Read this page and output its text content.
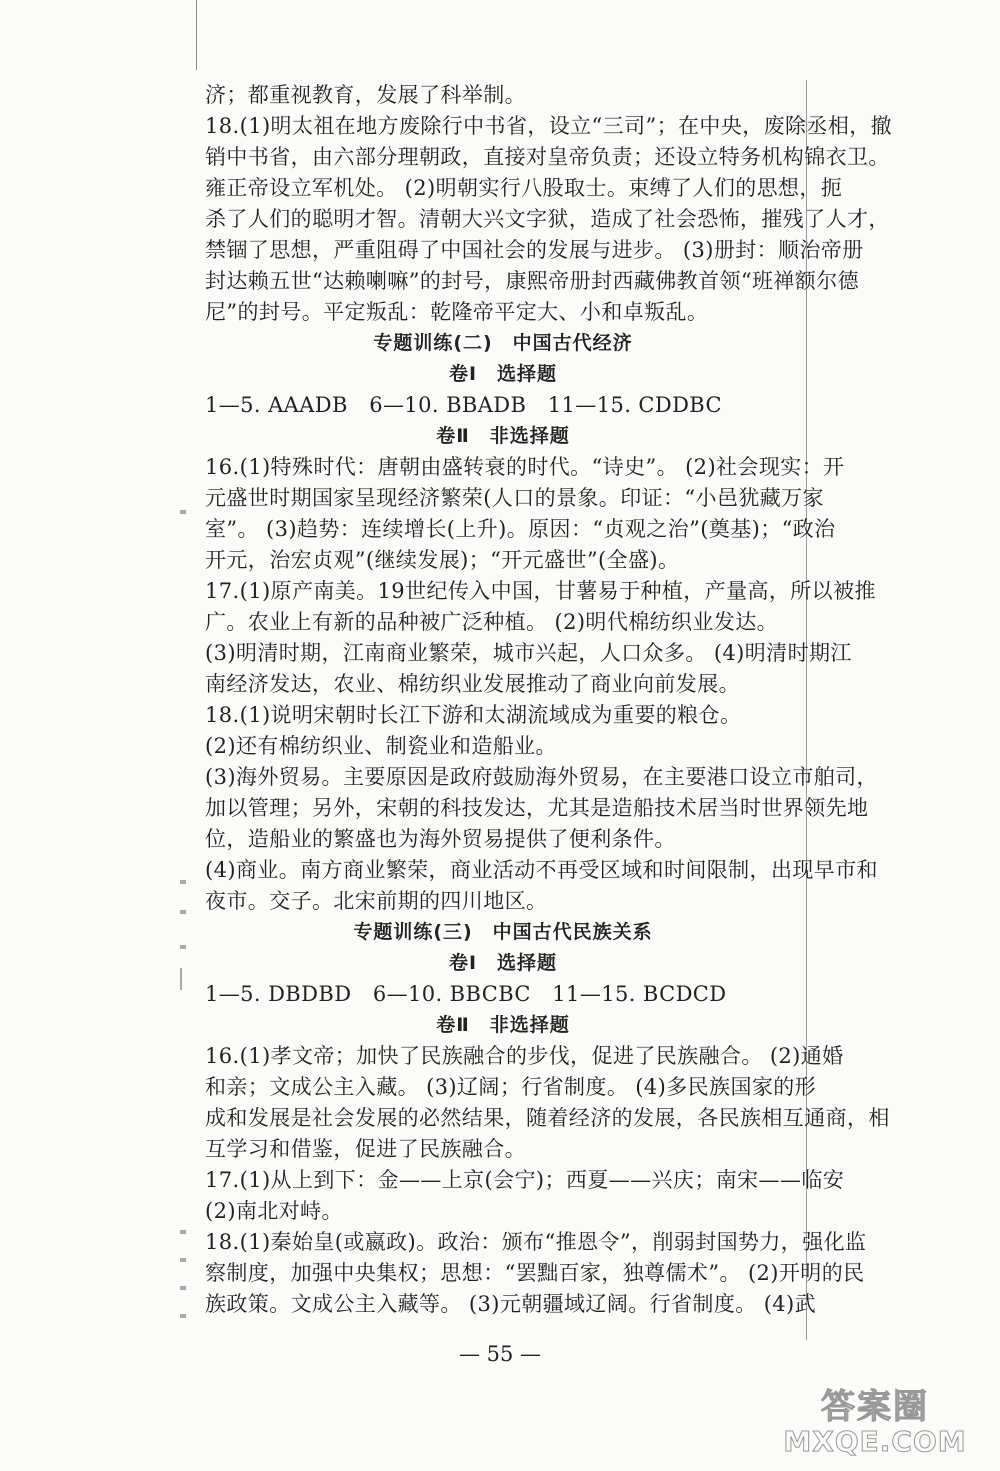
济；都重视教育，发展了科举制。
18.(1)明太祖在地方废除行中书省，设立“三司”；在中央，废除丞相，撤
销中书省，由六部分理朝政，直接对皇帝负责；还设立特务机构锦衣卫。
雍正帝设立军机处。 (2)明朝实行八股取士。束缚了人们的思想，扼
杀了人们的聪明才智。清朝大兴文字狱，造成了社会恐怖，摧残了人才，
禁锢了思想，严重阻碍了中国社会的发展与进步。 (3)册封：顺治帝册
封达赖五世“达赖喇嘛”的封号，康熙帝册封西藏佛教首领“班禅额尔德
尼”的封号。平定叛乱：乾隆帝平定大、小和卓叛乱。
专题训练(二)　中国古代经济
卷Ⅰ　选择题
1—5. AAADB　6—10. BBADB　11—15. CDDBC
卷Ⅱ　非选择题
16.(1)特殊时代：唐朝由盛转衰的时代。“诗史”。 (2)社会现实：开
元盛世时期国家呈现经济繁荣(人口的景象。印证：“小邑犹藏万家
室”。 (3)趋势：连续增长(上升)。原因：“贞观之治”(奠基)；“政治
开元，治宏贞观”(继续发展)；“开元盛世”(全盛)。
17.(1)原产南美。19世纪传入中国，甘薯易于种植，产量高，所以被推
广。农业上有新的品种被广泛种植。 (2)明代棉纺织业发达。
(3)明清时期，江南商业繁荣，城市兴起，人口众多。 (4)明清时期江
南经济发达，农业、棉纺织业发展推动了商业向前发展。
18.(1)说明宋朝时长江下游和太湖流域成为重要的粮仓。
(2)还有棉纺织业、制瓷业和造船业。
(3)海外贸易。主要原因是政府鼓励海外贸易，在主要港口设立市舶司，
加以管理；另外，宋朝的科技发达，尤其是造船技术居当时世界领先地
位，造船业的繁盛也为海外贸易提供了便利条件。
(4)商业。南方商业繁荣，商业活动不再受区域和时间限制，出现早市和
夜市。交子。北宋前期的四川地区。
专题训练(三)　中国古代民族关系
卷Ⅰ　选择题
1—5. DBDBD　6—10. BBCBC　11—15. BCDCD
卷Ⅱ　非选择题
16.(1)孝文帝；加快了民族融合的步伐，促进了民族融合。 (2)通婚
和亲；文成公主入藏。 (3)辽阔；行省制度。 (4)多民族国家的形
成和发展是社会发展的必然结果，随着经济的发展，各民族相互通商，相
互学习和借鉴，促进了民族融合。
17.(1)从上到下：金——上京(会宁)；西夏——兴庆；南宋——临安
(2)南北对峙。
18.(1)秦始皇(或嬴政)。政治：颁布“推恩令”，削弱封国势力，强化监
察制度，加强中央集权；思想：“罢黜百家，独尊儒术”。 (2)开明的民
族政策。文成公主入藏等。 (3)元朝疆域辽阔。行省制度。 (4)武
— 55 —
答案圈
MXQE.COM
